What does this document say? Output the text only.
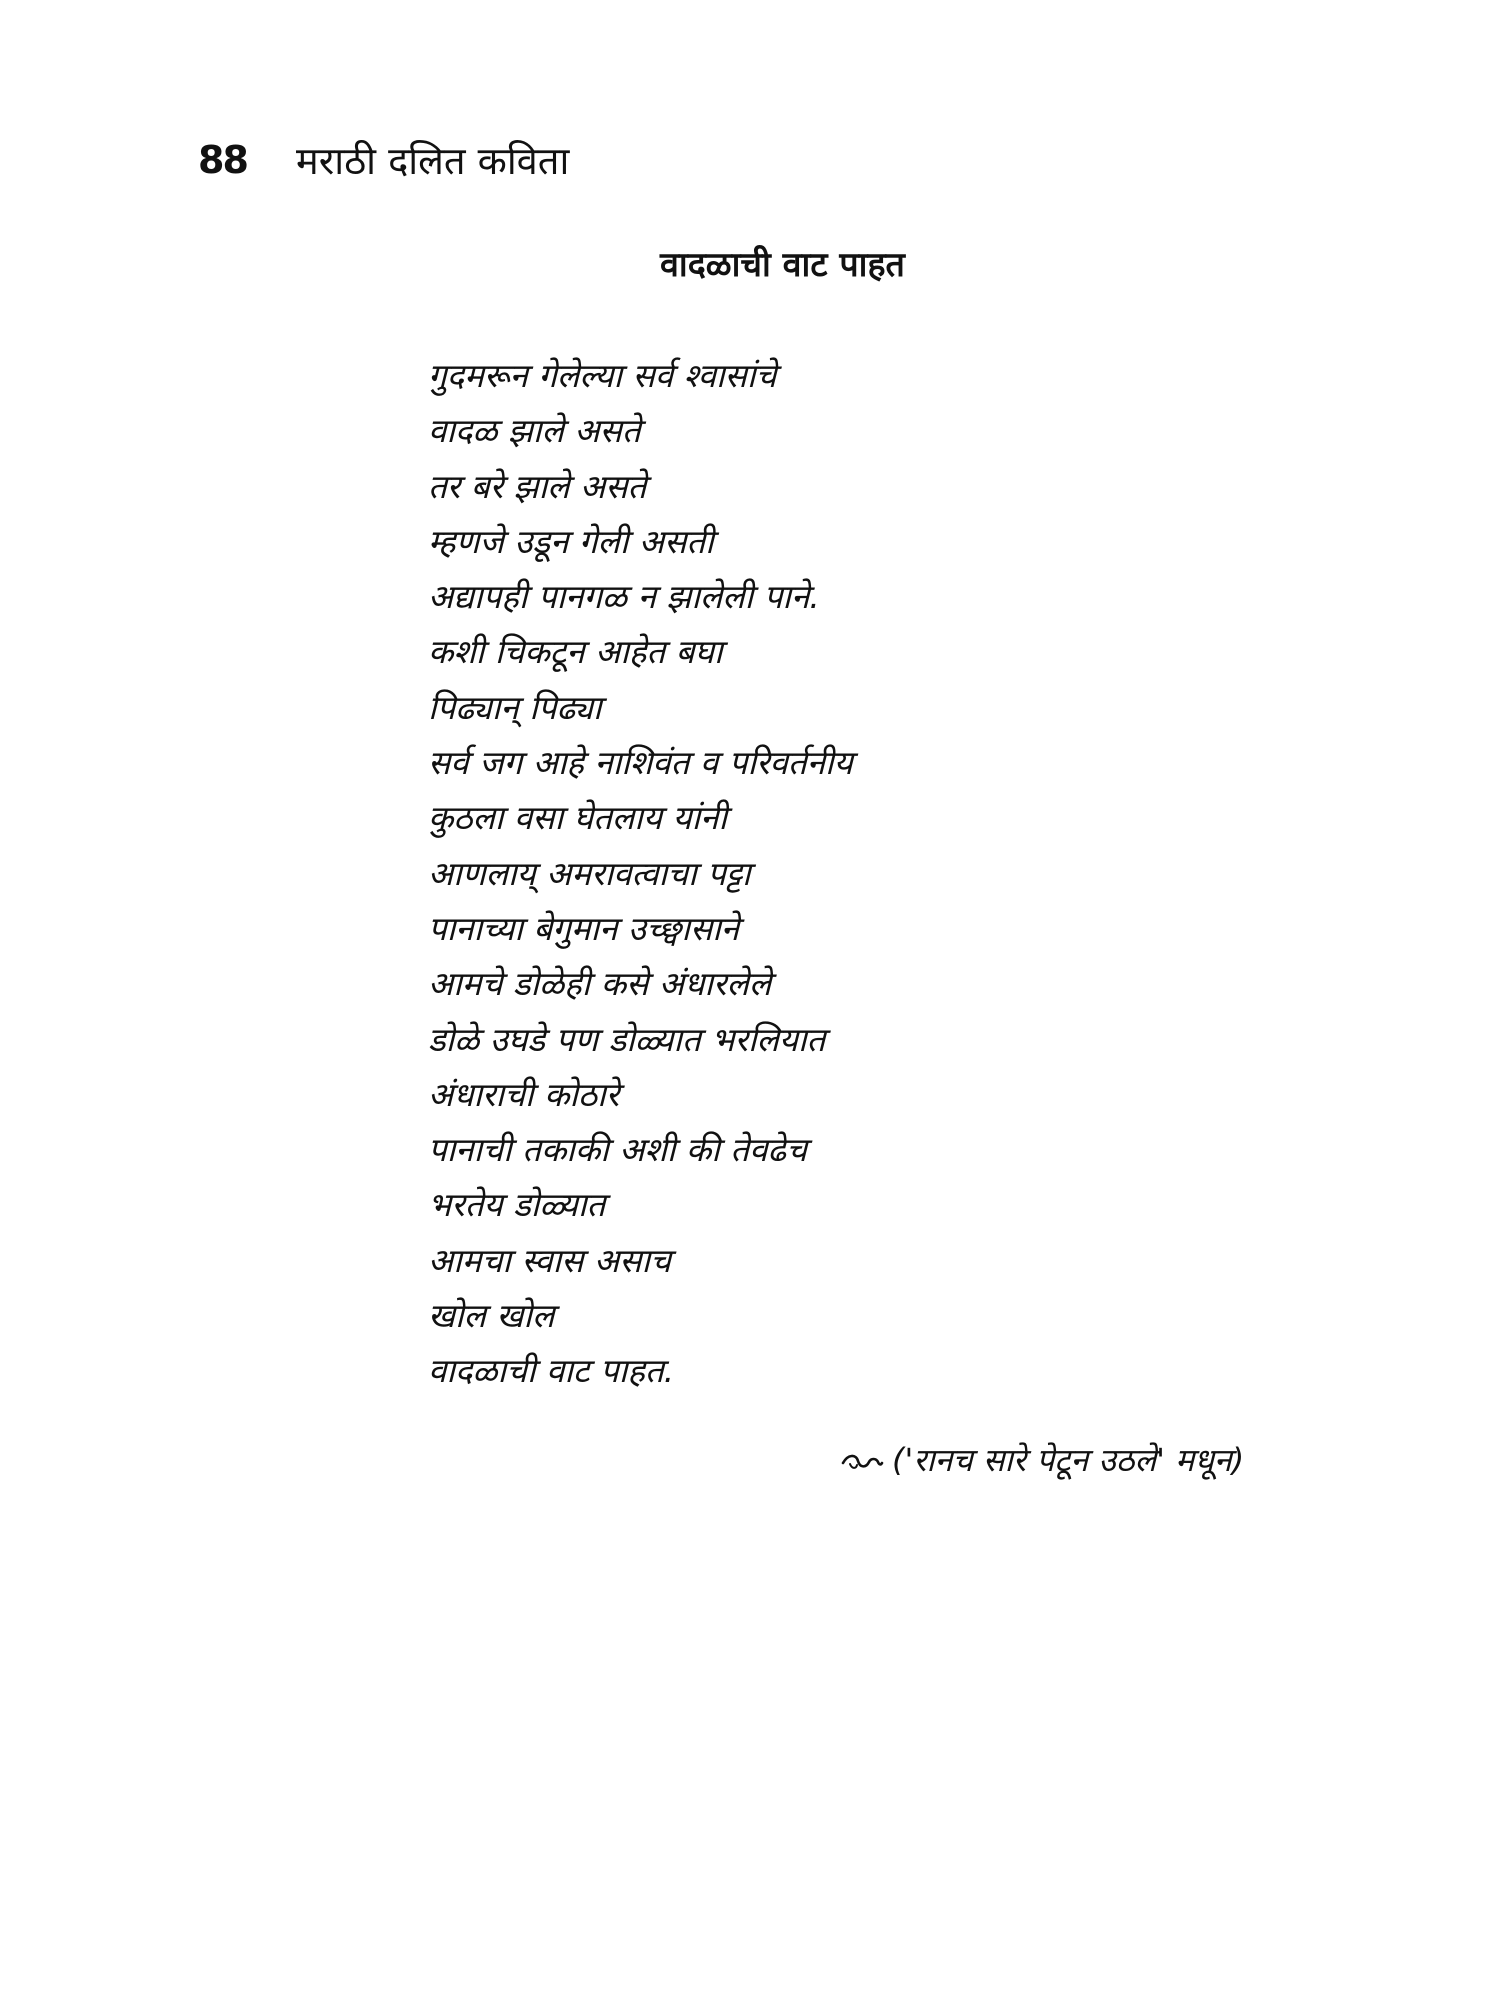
88	मराठी दलित कविता
वादळाची वाट पाहत
गुदमरून गेलेल्या सर्व श्वासांचे
वादळ झाले असते
तर बरे झाले असते
म्हणजे उडून गेली असती
अद्यापही पानगळ न झालेली पाने.
कशी चिकटून आहेत बघा
पिढ्यान् पिढ्या
सर्व जग आहे नाशिवंत व परिवर्तनीय
कुठला वसा घेतलाय यांनी
आणलाय् अमरावत्वाचा पट्टा
पानाच्या बेगुमान उच्छ्वासाने
आमचे डोळेही कसे अंधारलेले
डोळे उघडे पण डोळ्यात भरलियात
अंधाराची कोठारे
पानाची तकाकी अशी की तेवढेच
भरतेय डोळ्यात
आमचा स्वास असाच
खोल खोल
वादळाची वाट पाहत.
('रानच सारे पेटून उठले' मधून)
